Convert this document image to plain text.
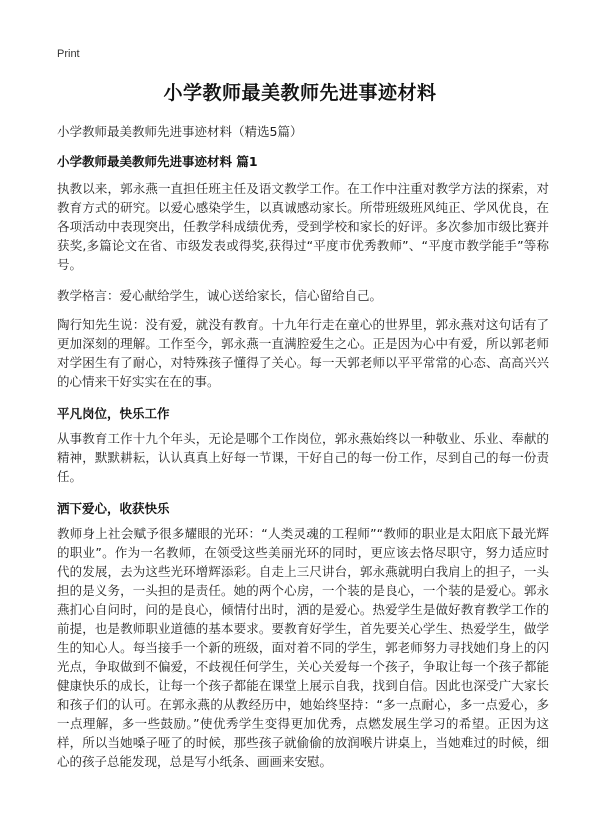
Print
小学教师最美教师先进事迹材料
小学教师最美教师先进事迹材料（精选5篇）
小学教师最美教师先进事迹材料 篇1

执教以来，郭永燕一直担任班主任及语文教学工作。在工作中注重对教学方法的探索，对教育方式的研究。以爱心感染学生，以真诚感动家长。所带班级班风纯正、学风优良，在各项活动中表现突出，任教学科成绩优秀，受到学校和家长的好评。多次参加市级比赛并获奖,多篇论文在省、市级发表或得奖,获得过“平度市优秀教师”、“平度市教学能手”等称号。

教学格言：爱心献给学生，诚心送给家长，信心留给自己。

陶行知先生说：没有爱，就没有教育。十九年行走在童心的世界里，郭永燕对这句话有了更加深刻的理解。工作至今，郭永燕一直满腔爱生之心。正是因为心中有爱，所以郭老师对学困生有了耐心，对特殊孩子懂得了关心。每一天郭老师以平平常常的心态、高高兴兴的心情来干好实实在在的事。

平凡岗位，快乐工作

从事教育工作十九个年头，无论是哪个工作岗位，郭永燕始终以一种敬业、乐业、奉献的精神，默默耕耘，认认真真上好每一节课，干好自己的每一份工作，尽到自己的每一份责任。

洒下爱心，收获快乐

教师身上社会赋予很多耀眼的光环：“人类灵魂的工程师”“教师的职业是太阳底下最光辉的职业”。作为一名教师，在领受这些美丽光环的同时，更应该去恪尽职守，努力适应时代的发展，去为这些光环增辉添彩。自走上三尺讲台，郭永燕就明白我肩上的担子，一头担的是义务，一头担的是责任。她的两个心房，一个装的是良心，一个装的是爱心。郭永燕扪心自问时，问的是良心，倾情付出时，洒的是爱心。热爱学生是做好教育教学工作的前提，也是教师职业道德的基本要求。要教育好学生，首先要关心学生、热爱学生，做学生的知心人。每当接手一个新的班级，面对着不同的学生，郭老师努力寻找她们身上的闪光点，争取做到不偏爱，不歧视任何学生，关心关爱每一个孩子，争取让每一个孩子都能健康快乐的成长，让每一个孩子都能在课堂上展示自我，找到自信。因此也深受广大家长和孩子们的认可。在郭永燕的从教经历中，她始终坚持：“多一点耐心，多一点爱心，多一点理解，多一些鼓励。”使优秀学生变得更加优秀，点燃发展生学习的希望。正因为这样，所以当她嗓子哑了的时候，那些孩子就偷偷的放润喉片讲桌上，当她难过的时候，细心的孩子总能发现，总是写小纸条、画画来安慰。
